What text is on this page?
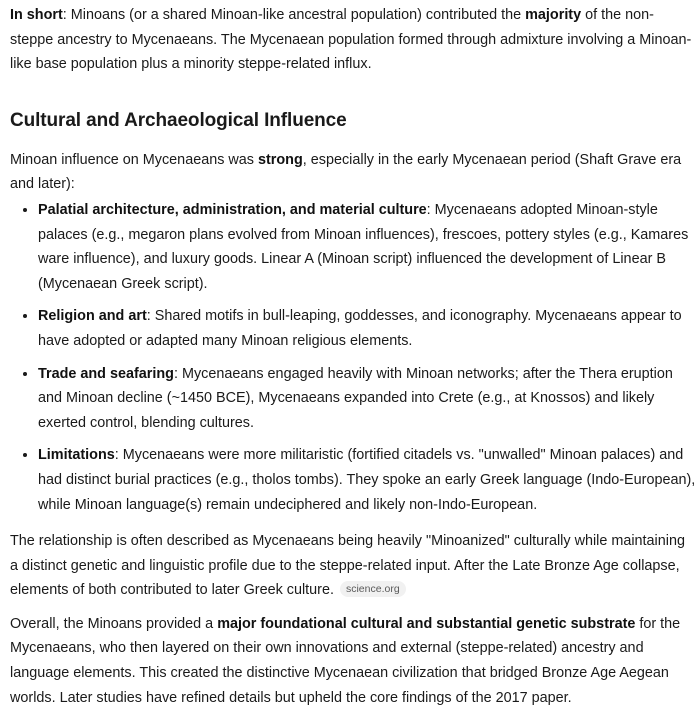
In short: Minoans (or a shared Minoan-like ancestral population) contributed the majority of the non-steppe ancestry to Mycenaeans. The Mycenaean population formed through admixture involving a Minoan-like base population plus a minority steppe-related influx.

Cultural and Archaeological Influence

Minoan influence on Mycenaeans was strong, especially in the early Mycenaean period (Shaft Grave era and later):

• Palatial architecture, administration, and material culture: Mycenaeans adopted Minoan-style palaces (e.g., megaron plans evolved from Minoan influences), frescoes, pottery styles (e.g., Kamares ware influence), and luxury goods. Linear A (Minoan script) influenced the development of Linear B (Mycenaean Greek script).
• Religion and art: Shared motifs in bull-leaping, goddesses, and iconography. Mycenaeans appear to have adopted or adapted many Minoan religious elements.
• Trade and seafaring: Mycenaeans engaged heavily with Minoan networks; after the Thera eruption and Minoan decline (~1450 BCE), Mycenaeans expanded into Crete (e.g., at Knossos) and likely exerted control, blending cultures.
• Limitations: Mycenaeans were more militaristic (fortified citadels vs. "unwalled" Minoan palaces) and had distinct burial practices (e.g., tholos tombs). They spoke an early Greek language (Indo-European), while Minoan language(s) remain undeciphered and likely non-Indo-European.

The relationship is often described as Mycenaeans being heavily "Minoanized" culturally while maintaining a distinct genetic and linguistic profile due to the steppe-related input. After the Late Bronze Age collapse, elements of both contributed to later Greek culture. science.org

Overall, the Minoans provided a major foundational cultural and substantial genetic substrate for the Mycenaeans, who then layered on their own innovations and external (steppe-related) ancestry and language elements. This created the distinctive Mycenaean civilization that bridged Bronze Age Aegean worlds. Later studies have refined details but upheld the core findings of the 2017 paper.
